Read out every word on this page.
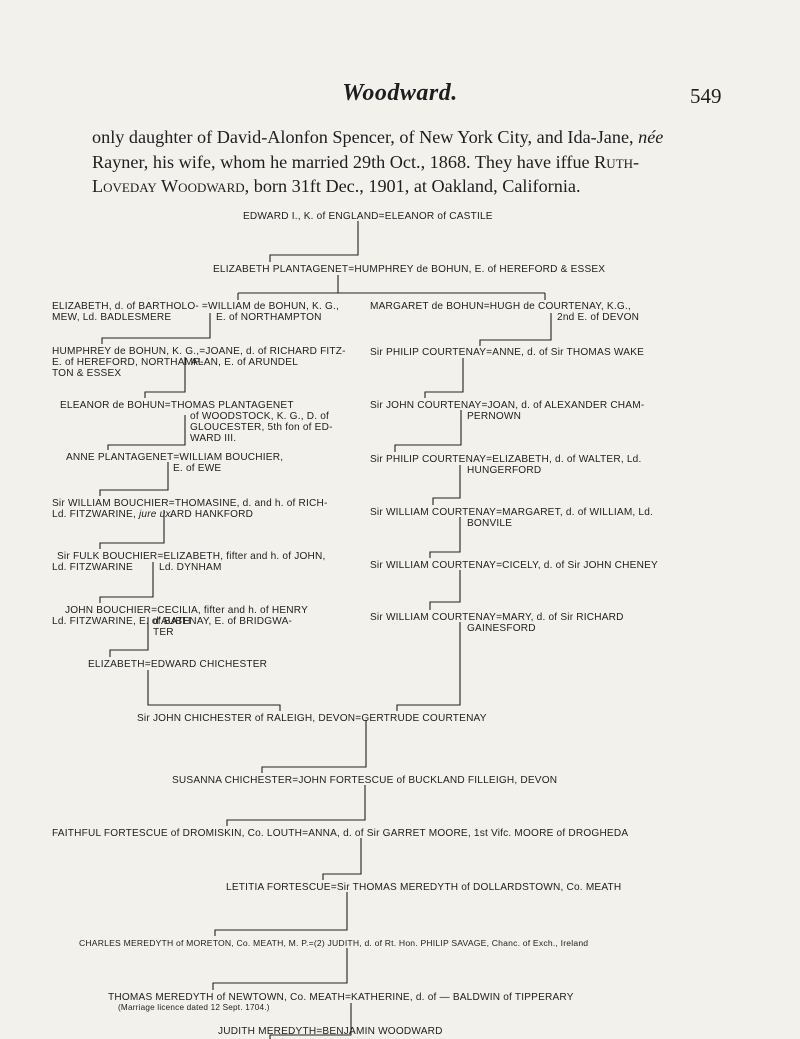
Woodward.	549
only daughter of David-Alonfon Spencer, of New York City, and Ida-Jane, née
Rayner, his wife, whom he married 29th Oct., 1868. They have iffue Ruth-
Loveday Woodward, born 31ft Dec., 1901, at Oakland, California.
EDWARD I., K. of ENGLAND=ELEANOR of CASTILE
ELIZABETH PLANTAGENET=HUMPHREY de BOHUN, E. of HEREFORD & ESSEX
ELIZABETH, d. of BARTHOLO- =WILLIAM de BOHUN, K. G.,
MEW, Ld. BADLESMERE	E. of NORTHAMPTON
HUMPHREY de BOHUN, K. G.,=JOANE, d. of RICHARD FITZ-
E. of HEREFORD, NORTHAMP-
ALAN, E. of ARUNDEL
TON & ESSEX
ELEANOR de BOHUN=THOMAS PLANTAGENET
of WOODSTOCK, K. G., D. of
GLOUCESTER, 5th fon of ED-
WARD III.
ANNE PLANTAGENET=WILLIAM BOUCHIER,
E. of EWE
Sir WILLIAM BOUCHIER=THOMASINE, d. and h. of RICH-
Ld. FITZWARINE, jure ux.
ARD HANKFORD
Sir FULK BOUCHIER=ELIZABETH, fifter and h. of JOHN,
Ld. FITZWARINE	Ld. DYNHAM
JOHN BOUCHIER=CECILIA, fifter and h. of HENRY
Ld. FITZWARINE, E. of BATH
d'AUBENAY, E. of BRIDGWA-
TER
ELIZABETH=EDWARD CHICHESTER
MARGARET de BOHUN=HUGH de COURTENAY, K.G.,
2nd E. of DEVON
Sir PHILIP COURTENAY=ANNE, d. of Sir THOMAS WAKE
Sir JOHN COURTENAY=JOAN, d. of ALEXANDER CHAM-
PERNOWN
Sir PHILIP COURTENAY=ELIZABETH, d. of WALTER, Ld.
HUNGERFORD
Sir WILLIAM COURTENAY=MARGARET, d. of WILLIAM, Ld.
BONVILE
Sir WILLIAM COURTENAY=CICELY, d. of Sir JOHN CHENEY
Sir WILLIAM COURTENAY=MARY, d. of Sir RICHARD
GAINESFORD
Sir JOHN CHICHESTER of RALEIGH, DEVON=GERTRUDE COURTENAY
SUSANNA CHICHESTER=JOHN FORTESCUE of BUCKLAND FILLEIGH, DEVON
FAITHFUL FORTESCUE of DROMISKIN, Co. LOUTH=ANNA, d. of Sir GARRET MOORE, 1st Vifc. MOORE of DROGHEDA
LETITIA FORTESCUE=Sir THOMAS MEREDYTH of DOLLARDSTOWN, Co. MEATH
CHARLES MEREDYTH of MORETON, Co. MEATH, M. P.=(2) JUDITH, d. of Rt. Hon. PHILIP SAVAGE, Chanc. of Exch., Ireland
THOMAS MEREDYTH of NEWTOWN, Co. MEATH=KATHERINE, d. of — BALDWIN of TIPPERARY
(Marriage licence dated 12 Sept. 1704.)
JUDITH MEREDYTH=BENJAMIN WOODWARD
